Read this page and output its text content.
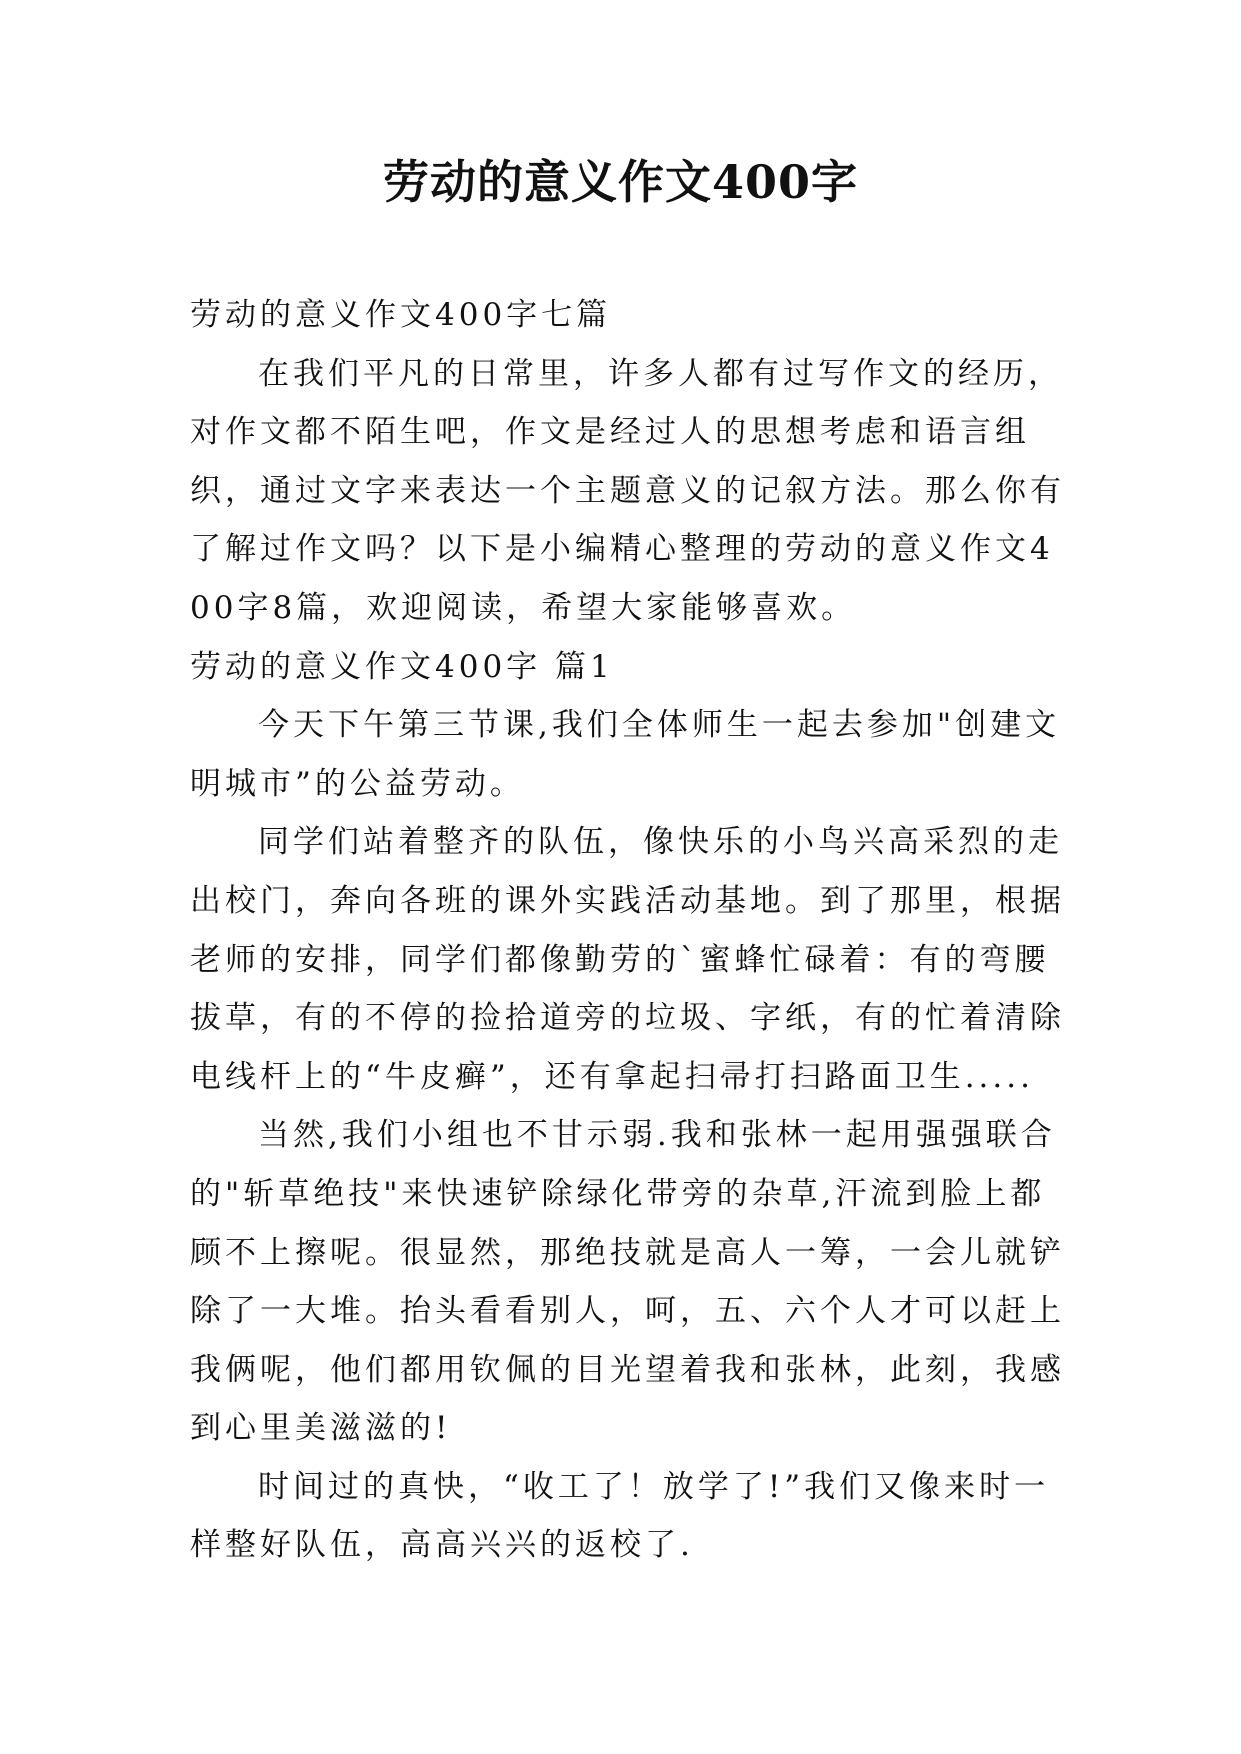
劳动的意义作文400字

劳动的意义作文400字七篇

在我们平凡的日常里，许多人都有过写作文的经历，对作文都不陌生吧，作文是经过人的思想考虑和语言组织，通过文字来表达一个主题意义的记叙方法。那么你有了解过作文吗？以下是小编精心整理的劳动的意义作文400字8篇，欢迎阅读，希望大家能够喜欢。

劳动的意义作文400字 篇1

今天下午第三节课,我们全体师生一起去参加"创建文明城市”的公益劳动。

同学们站着整齐的队伍，像快乐的小鸟兴高采烈的走出校门，奔向各班的课外实践活动基地。到了那里，根据老师的安排，同学们都像勤劳的`蜜蜂忙碌着：有的弯腰拔草，有的不停的捡拾道旁的垃圾、字纸，有的忙着清除电线杆上的“牛皮癣”，还有拿起扫帚打扫路面卫生.....

当然,我们小组也不甘示弱.我和张林一起用强强联合的"斩草绝技"来快速铲除绿化带旁的杂草,汗流到脸上都顾不上擦呢。很显然，那绝技就是高人一筹，一会儿就铲除了一大堆。抬头看看别人，呵，五、六个人才可以赶上我俩呢，他们都用钦佩的目光望着我和张林，此刻，我感到心里美滋滋的!

时间过的真快，“收工了！放学了!”我们又像来时一样整好队伍，高高兴兴的返校了.
